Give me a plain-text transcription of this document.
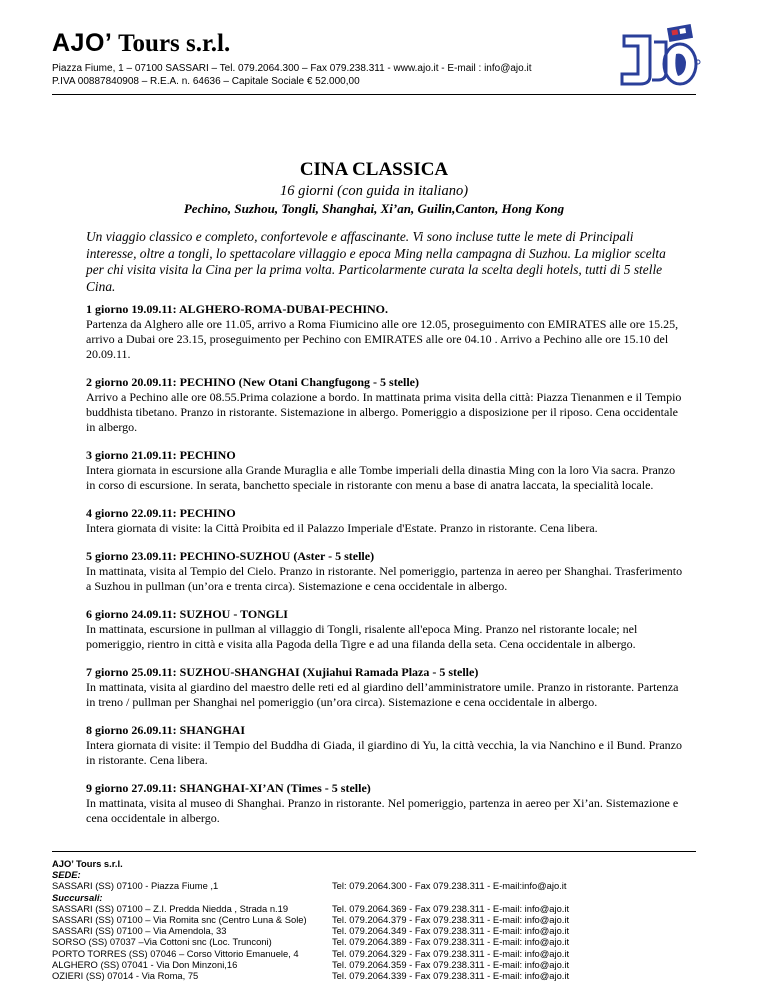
AJO’ Tours s.r.l.
Piazza Fiume, 1 – 07100 SASSARI – Tel. 079.2064.300 – Fax 079.238.311 - www.ajo.it - E-mail : info@ajo.it
P.IVA 00887840908 – R.E.A. n. 64636 – Capitale Sociale € 52.000,00
CINA CLASSICA
16 giorni (con guida in italiano)
Pechino, Suzhou, Tongli, Shanghai, Xi’an, Guilin,Canton, Hong Kong
Un viaggio classico e completo, confortevole e affascinante. Vi sono incluse tutte le mete di Principali interesse, oltre a tongli, lo spettacolare villaggio e epoca Ming nella campagna di Suzhou. La miglior scelta per chi visita visita la Cina per la prima volta. Particolarmente curata la scelta degli hotels, tutti di 5 stelle Cina.
1 giorno 19.09.11: ALGHERO-ROMA-DUBAI-PECHINO.
Partenza da Alghero alle ore 11.05, arrivo a Roma Fiumicino alle ore 12.05, proseguimento con EMIRATES alle ore 15.25, arrivo a Dubai ore 23.15, proseguimento per Pechino con EMIRATES alle ore 04.10 . Arrivo a Pechino alle ore 15.10 del 20.09.11.
2 giorno 20.09.11: PECHINO (New Otani Changfugong - 5 stelle)
Arrivo a Pechino alle ore 08.55.Prima colazione a bordo. In mattinata prima visita della città: Piazza Tienanmen e il Tempio buddhista tibetano. Pranzo in ristorante. Sistemazione in albergo. Pomeriggio a disposizione per il riposo. Cena occidentale in albergo.
3 giorno 21.09.11: PECHINO
Intera giornata in escursione alla Grande Muraglia e alle Tombe imperiali della dinastia Ming con la loro Via sacra. Pranzo in corso di escursione. In serata, banchetto speciale in ristorante con menu a base di anatra laccata, la specialità locale.
4 giorno 22.09.11: PECHINO
Intera giornata di visite: la Città Proibita ed il Palazzo Imperiale d'Estate. Pranzo in ristorante. Cena libera.
5 giorno 23.09.11: PECHINO-SUZHOU (Aster - 5 stelle)
In mattinata, visita al Tempio del Cielo. Pranzo in ristorante. Nel pomeriggio, partenza in aereo per Shanghai. Trasferimento a Suzhou in pullman (un’ora e trenta circa). Sistemazione e cena occidentale in albergo.
6 giorno 24.09.11: SUZHOU - TONGLI
In mattinata, escursione in pullman al villaggio di Tongli, risalente all'epoca Ming. Pranzo nel ristorante locale; nel pomeriggio, rientro in città e visita alla Pagoda della Tigre e ad una filanda della seta. Cena occidentale in albergo.
7 giorno 25.09.11: SUZHOU-SHANGHAI (Xujiahui Ramada Plaza - 5 stelle)
In mattinata, visita al giardino del maestro delle reti ed al giardino dell’amministratore umile. Pranzo in ristorante. Partenza in treno / pullman per Shanghai nel pomeriggio (un’ora circa). Sistemazione e cena occidentale in albergo.
8 giorno 26.09.11: SHANGHAI
Intera giornata di visite: il Tempio del Buddha di Giada, il giardino di Yu, la città vecchia, la via Nanchino e il Bund. Pranzo in ristorante. Cena libera.
9 giorno 27.09.11: SHANGHAI-XI’AN (Times - 5 stelle)
In mattinata, visita al museo di Shanghai. Pranzo in ristorante. Nel pomeriggio, partenza in aereo per Xi’an. Sistemazione e cena occidentale in albergo.
AJO’ Tours s.r.l.
SEDE:
SASSARI (SS) 07100 - Piazza Fiume ,1	Tel: 079.2064.300 - Fax 079.238.311 - E-mail:info@ajo.it
Succursali:
SASSARI (SS) 07100 – Z.I. Predda Niedda , Strada n.19	Tel. 079.2064.369 - Fax 079.238.311 - E-mail: info@ajo.it
SASSARI (SS) 07100 – Via Romita snc (Centro Luna & Sole)	Tel. 079.2064.379 - Fax 079.238.311 - E-mail: info@ajo.it
SASSARI (SS) 07100 – Via Amendola, 33	Tel. 079.2064.349 - Fax 079.238.311 - E-mail: info@ajo.it
SORSO (SS) 07037 –Via Cottoni snc (Loc. Trunconi)	Tel. 079.2064.389 - Fax 079.238.311 - E-mail: info@ajo.it
PORTO TORRES (SS) 07046 – Corso Vittorio Emanuele, 4	Tel. 079.2064.329 - Fax 079.238.311 - E-mail: info@ajo.it
ALGHERO (SS) 07041 - Via Don Minzoni,16	Tel. 079.2064.359 - Fax 079.238.311 - E-mail: info@ajo.it
OZIERI (SS) 07014 - Via Roma, 75	Tel. 079.2064.339 - Fax 079.238.311 - E-mail: info@ajo.it
